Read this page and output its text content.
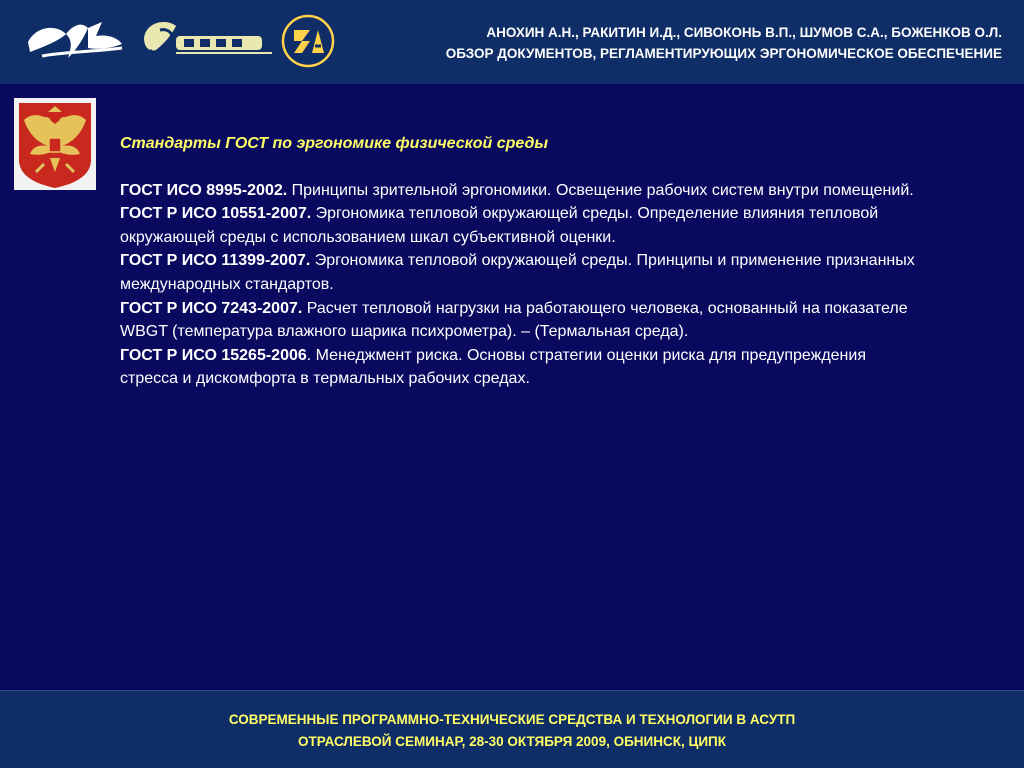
АНОХИН А.Н., РАКИТИН И.Д., СИВОКОНЬ В.П., ШУМОВ С.А., БОЖЕНКОВ О.Л.
ОБЗОР ДОКУМЕНТОВ, РЕГЛАМЕНТИРУЮЩИХ ЭРГОНОМИЧЕСКОЕ ОБЕСПЕЧЕНИЕ
Стандарты ГОСТ по эргономике физической среды
ГОСТ ИСО 8995-2002. Принципы зрительной эргономики. Освещение рабочих систем внутри помещений.
ГОСТ Р ИСО 10551-2007. Эргономика тепловой окружающей среды. Определение влияния тепловой окружающей среды с использованием шкал субъективной оценки.
ГОСТ Р ИСО 11399-2007. Эргономика тепловой окружающей среды. Принципы и применение признанных международных стандартов.
ГОСТ Р ИСО 7243-2007. Расчет тепловой нагрузки на работающего человека, основанный на показателе WBGT (температура влажного шарика психрометра). – (Термальная среда).
ГОСТ Р ИСО 15265-2006. Менеджмент риска. Основы стратегии оценки риска для предупреждения стресса и дискомфорта в термальных рабочих средах.
СОВРЕМЕННЫЕ ПРОГРАММНО-ТЕХНИЧЕСКИЕ СРЕДСТВА И ТЕХНОЛОГИИ В АСУТП
ОТРАСЛЕВОЙ СЕМИНАР, 28-30 ОКТЯБРЯ 2009, ОБНИНСК, ЦИПК
